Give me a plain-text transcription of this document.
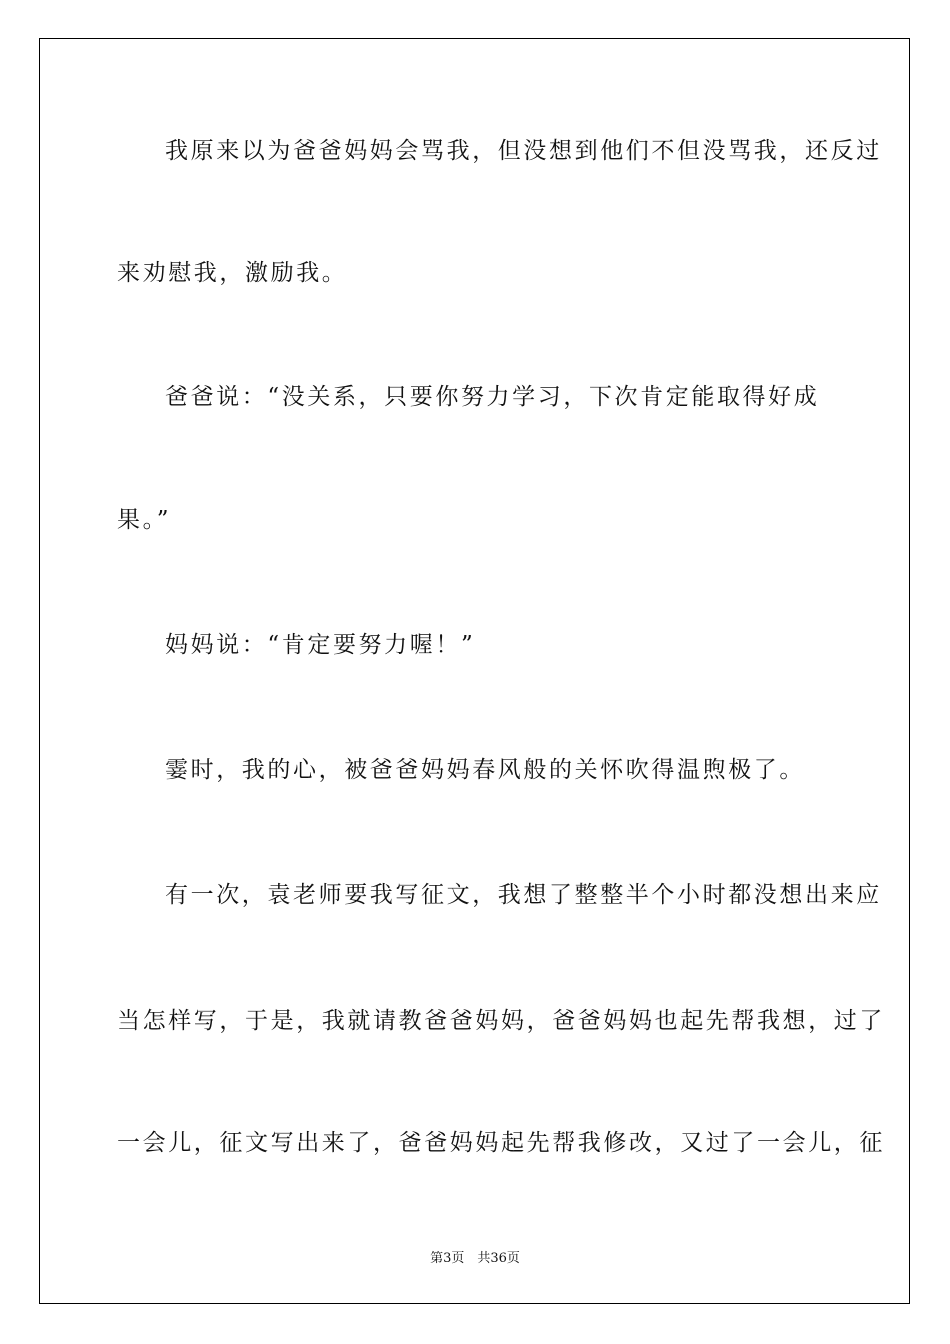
我原来以为爸爸妈妈会骂我，但没想到他们不但没骂我，还反过
来劝慰我，激励我。
爸爸说：“没关系，只要你努力学习，下次肯定能取得好成
果。”
妈妈说：“肯定要努力喔！”
霎时，我的心，被爸爸妈妈春风般的关怀吹得温煦极了。
有一次，袁老师要我写征文，我想了整整半个小时都没想出来应
当怎样写，于是，我就请教爸爸妈妈，爸爸妈妈也起先帮我想，过了
一会儿，征文写出来了，爸爸妈妈起先帮我修改，又过了一会儿，征
第3页　共36页
